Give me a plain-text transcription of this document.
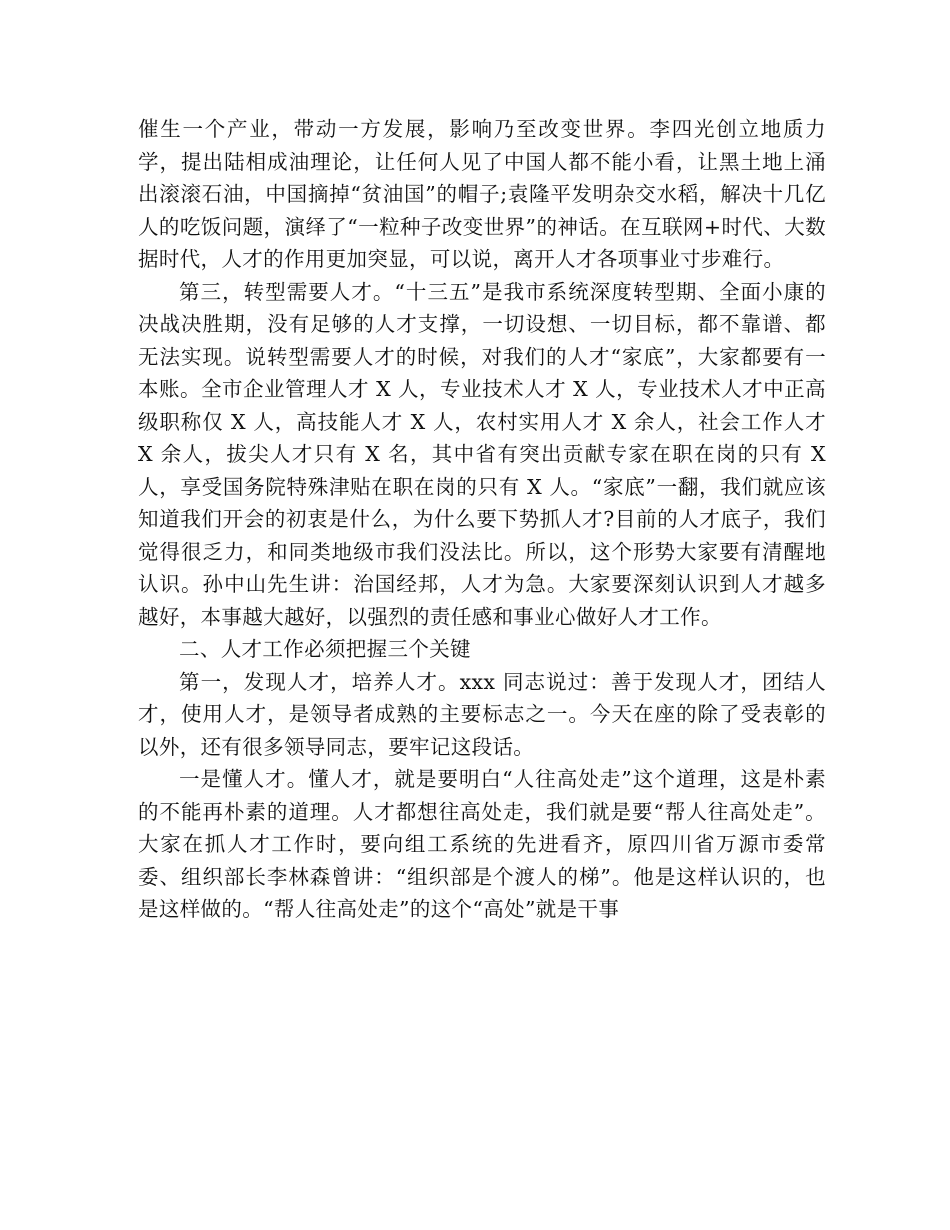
催生一个产业，带动一方发展，影响乃至改变世界。李四光创立地质力学，提出陆相成油理论，让任何人见了中国人都不能小看，让黑土地上涌出滚滚石油，中国摘掉“贫油国”的帽子;袁隆平发明杂交水稻，解决十几亿人的吃饭问题，演绎了“一粒种子改变世界”的神话。在互联网+时代、大数据时代，人才的作用更加突显，可以说，离开人才各项事业寸步难行。

第三，转型需要人才。“十三五”是我市系统深度转型期、全面小康的决战决胜期，没有足够的人才支撑，一切设想、一切目标，都不靠谱、都无法实现。说转型需要人才的时候，对我们的人才“家底”，大家都要有一本账。全市企业管理人才 X 人，专业技术人才 X 人，专业技术人才中正高级职称仅 X 人，高技能人才 X 人，农村实用人才 X 余人，社会工作人才 X 余人，拔尖人才只有 X 名，其中省有突出贡献专家在职在岗的只有 X 人，享受国务院特殊津贴在职在岗的只有 X 人。“家底”一翻，我们就应该知道我们开会的初衷是什么，为什么要下势抓人才?目前的人才底子，我们觉得很乏力，和同类地级市我们没法比。所以，这个形势大家要有清醒地认识。孙中山先生讲：治国经邦，人才为急。大家要深刻认识到人才越多越好，本事越大越好，以强烈的责任感和事业心做好人才工作。

二、人才工作必须把握三个关键

第一，发现人才，培养人才。xxx 同志说过：善于发现人才，团结人才，使用人才，是领导者成熟的主要标志之一。今天在座的除了受表彰的以外，还有很多领导同志，要牢记这段话。

一是懂人才。懂人才，就是要明白“人往高处走”这个道理，这是朴素的不能再朴素的道理。人才都想往高处走，我们就是要“帮人往高处走”。大家在抓人才工作时，要向组工系统的先进看齐，原四川省万源市委常委、组织部长李林森曾讲：“组织部是个渡人的梯”。他是这样认识的，也是这样做的。“帮人往高处走”的这个“高处”就是干事
